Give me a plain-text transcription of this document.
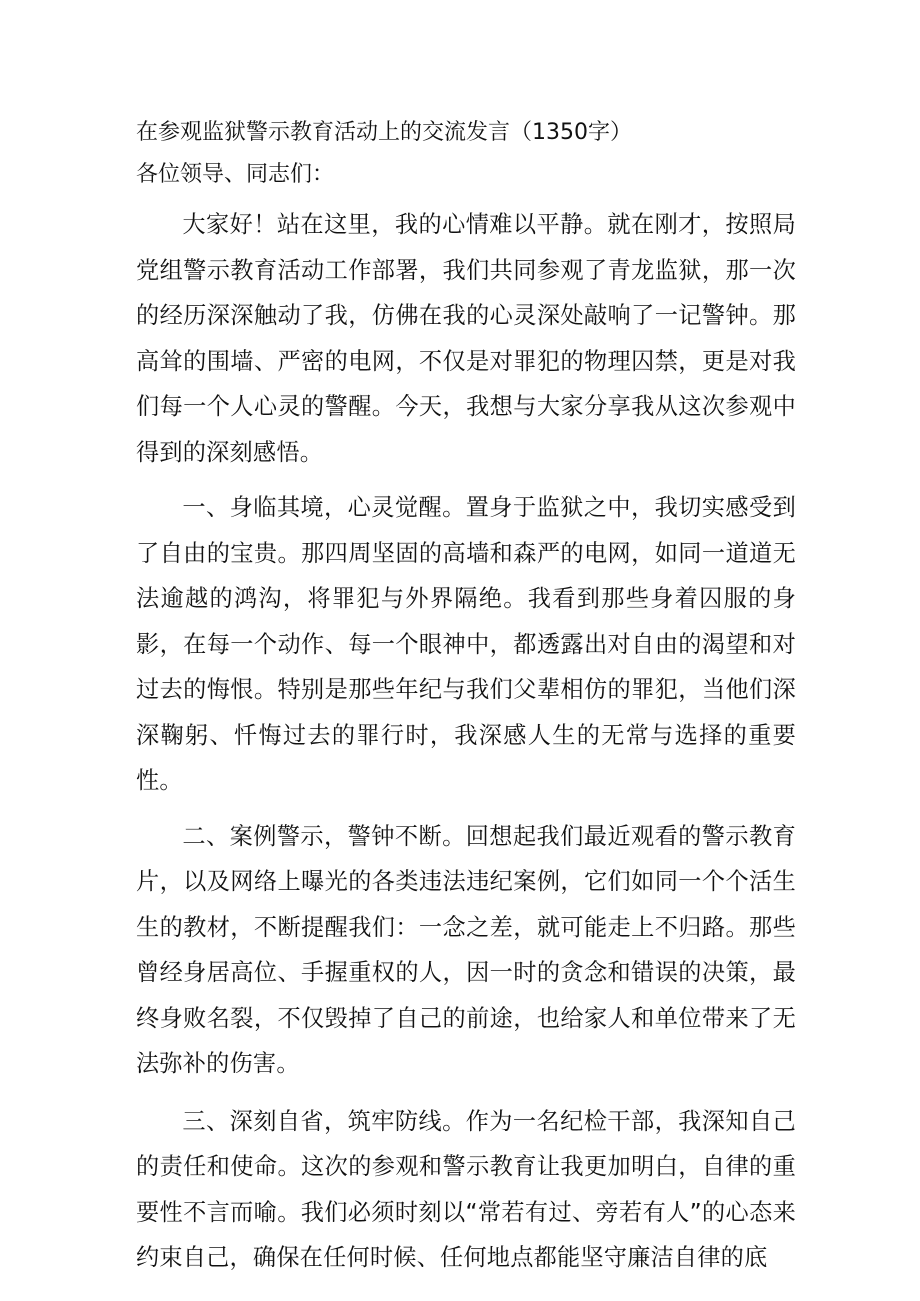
在参观监狱警示教育活动上的交流发言（1350字）

各位领导、同志们：

大家好！站在这里，我的心情难以平静。就在刚才，按照局党组警示教育活动工作部署，我们共同参观了青龙监狱，那一次的经历深深触动了我，仿佛在我的心灵深处敲响了一记警钟。那高耸的围墙、严密的电网，不仅是对罪犯的物理囚禁，更是对我们每一个人心灵的警醒。今天，我想与大家分享我从这次参观中得到的深刻感悟。

一、身临其境，心灵觉醒。置身于监狱之中，我切实感受到了自由的宝贵。那四周坚固的高墙和森严的电网，如同一道道无法逾越的鸿沟，将罪犯与外界隔绝。我看到那些身着囚服的身影，在每一个动作、每一个眼神中，都透露出对自由的渴望和对过去的悔恨。特别是那些年纪与我们父辈相仿的罪犯，当他们深深鞠躬、忏悔过去的罪行时，我深感人生的无常与选择的重要性。

二、案例警示，警钟不断。回想起我们最近观看的警示教育片，以及网络上曝光的各类违法违纪案例，它们如同一个个活生生的教材，不断提醒我们：一念之差，就可能走上不归路。那些曾经身居高位、手握重权的人，因一时的贪念和错误的决策，最终身败名裂，不仅毁掉了自己的前途，也给家人和单位带来了无法弥补的伤害。

三、深刻自省，筑牢防线。作为一名纪检干部，我深知自己的责任和使命。这次的参观和警示教育让我更加明白，自律的重要性不言而喻。我们必须时刻以“常若有过、旁若有人”的心态来约束自己，确保在任何时候、任何地点都能坚守廉洁自律的底
